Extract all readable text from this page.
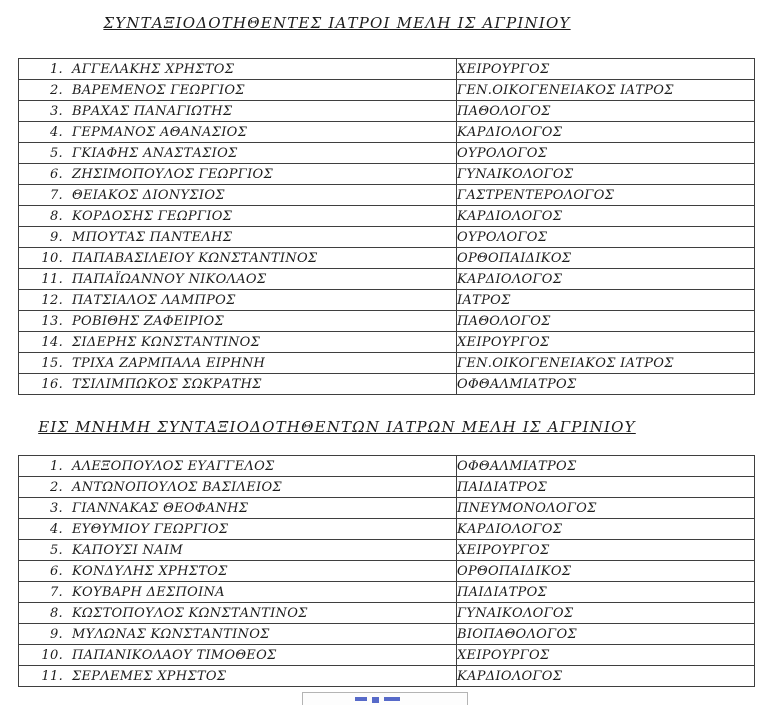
ΣΥΝΤΑΞΙΟΔΟΤΗΘΕΝΤΕΣ ΙΑΤΡΟΙ ΜΕΛΗ ΙΣ ΑΓΡΙΝΙΟΥ
1. ΑΓΓΕΛΑΚΗΣ ΧΡΗΣΤΟΣ	ΧΕΙΡΟΥΡΓΟΣ

2. ΒΑΡΕΜΕΝΟΣ ΓΕΩΡΓΙΟΣ	ΓΕΝ.ΟΙΚΟΓΕΝΕΙΑΚΟΣ ΙΑΤΡΟΣ

3. ΒΡΑΧΑΣ ΠΑΝΑΓΙΩΤΗΣ	ΠΑΘΟΛΟΓΟΣ

4. ΓΕΡΜΑΝΟΣ ΑΘΑΝΑΣΙΟΣ	ΚΑΡΔΙΟΛΟΓΟΣ

5. ΓΚΙΑΦΗΣ ΑΝΑΣΤΑΣΙΟΣ	ΟΥΡΟΛΟΓΟΣ

6. ΖΗΣΙΜΟΠΟΥΛΟΣ ΓΕΩΡΓΙΟΣ	ΓΥΝΑΙΚΟΛΟΓΟΣ

7. ΘΕΙΑΚΟΣ ΔΙΟΝΥΣΙΟΣ	ΓΑΣΤΡΕΝΤΕΡΟΛΟΓΟΣ

8. ΚΟΡΔΟΣΗΣ ΓΕΩΡΓΙΟΣ	ΚΑΡΔΙΟΛΟΓΟΣ

9. ΜΠΟΥΤΑΣ ΠΑΝΤΕΛΗΣ	ΟΥΡΟΛΟΓΟΣ

10. ΠΑΠΑΒΑΣΙΛΕΙΟΥ ΚΩΝΣΤΑΝΤΙΝΟΣ	ΟΡΘΟΠΑΙΔΙΚΟΣ

11. ΠΑΠΑΪΩΑΝΝΟΥ ΝΙΚΟΛΑΟΣ	ΚΑΡΔΙΟΛΟΓΟΣ

12. ΠΑΤΣΙΑΛΟΣ ΛΑΜΠΡΟΣ	ΙΑΤΡΟΣ

13. ΡΟΒΙΘΗΣ ΖΑΦΕΙΡΙΟΣ	ΠΑΘΟΛΟΓΟΣ

14. ΣΙΔΕΡΗΣ ΚΩΝΣΤΑΝΤΙΝΟΣ	ΧΕΙΡΟΥΡΓΟΣ

15. ΤΡΙΧΑ ΖΑΡΜΠΑΛΑ ΕΙΡΗΝΗ	ΓΕΝ.ΟΙΚΟΓΕΝΕΙΑΚΟΣ ΙΑΤΡΟΣ

16. ΤΣΙΛΙΜΠΩΚΟΣ ΣΩΚΡΑΤΗΣ	ΟΦΘΑΛΜΙΑΤΡΟΣ
ΕΙΣ ΜΝΗΜΗ ΣΥΝΤΑΞΙΟΔΟΤΗΘΕΝΤΩΝ ΙΑΤΡΩΝ ΜΕΛΗ ΙΣ ΑΓΡΙΝΙΟΥ
1. ΑΛΕΞΟΠΟΥΛΟΣ ΕΥΑΓΓΕΛΟΣ	ΟΦΘΑΛΜΙΑΤΡΟΣ

2. ΑΝΤΩΝΟΠΟΥΛΟΣ ΒΑΣΙΛΕΙΟΣ	ΠΑΙΔΙΑΤΡΟΣ

3. ΓΙΑΝΝΑΚΑΣ ΘΕΟΦΑΝΗΣ	ΠΝΕΥΜΟΝΟΛΟΓΟΣ

4. ΕΥΘΥΜΙΟΥ ΓΕΩΡΓΙΟΣ	ΚΑΡΔΙΟΛΟΓΟΣ

5. ΚΑΠΟΥΣΙ ΝΑΙΜ	ΧΕΙΡΟΥΡΓΟΣ

6. ΚΟΝΔΥΛΗΣ ΧΡΗΣΤΟΣ	ΟΡΘΟΠΑΙΔΙΚΟΣ

7. ΚΟΥΒΑΡΗ ΔΕΣΠΟΙΝΑ	ΠΑΙΔΙΑΤΡΟΣ

8. ΚΩΣΤΟΠΟΥΛΟΣ ΚΩΝΣΤΑΝΤΙΝΟΣ	ΓΥΝΑΙΚΟΛΟΓΟΣ

9. ΜΥΛΩΝΑΣ ΚΩΝΣΤΑΝΤΙΝΟΣ	ΒΙΟΠΑΘΟΛΟΓΟΣ

10. ΠΑΠΑΝΙΚΟΛΑΟΥ ΤΙΜΟΘΕΟΣ	ΧΕΙΡΟΥΡΓΟΣ

11. ΣΕΡΛΕΜΕΣ ΧΡΗΣΤΟΣ	ΚΑΡΔΙΟΛΟΓΟΣ
